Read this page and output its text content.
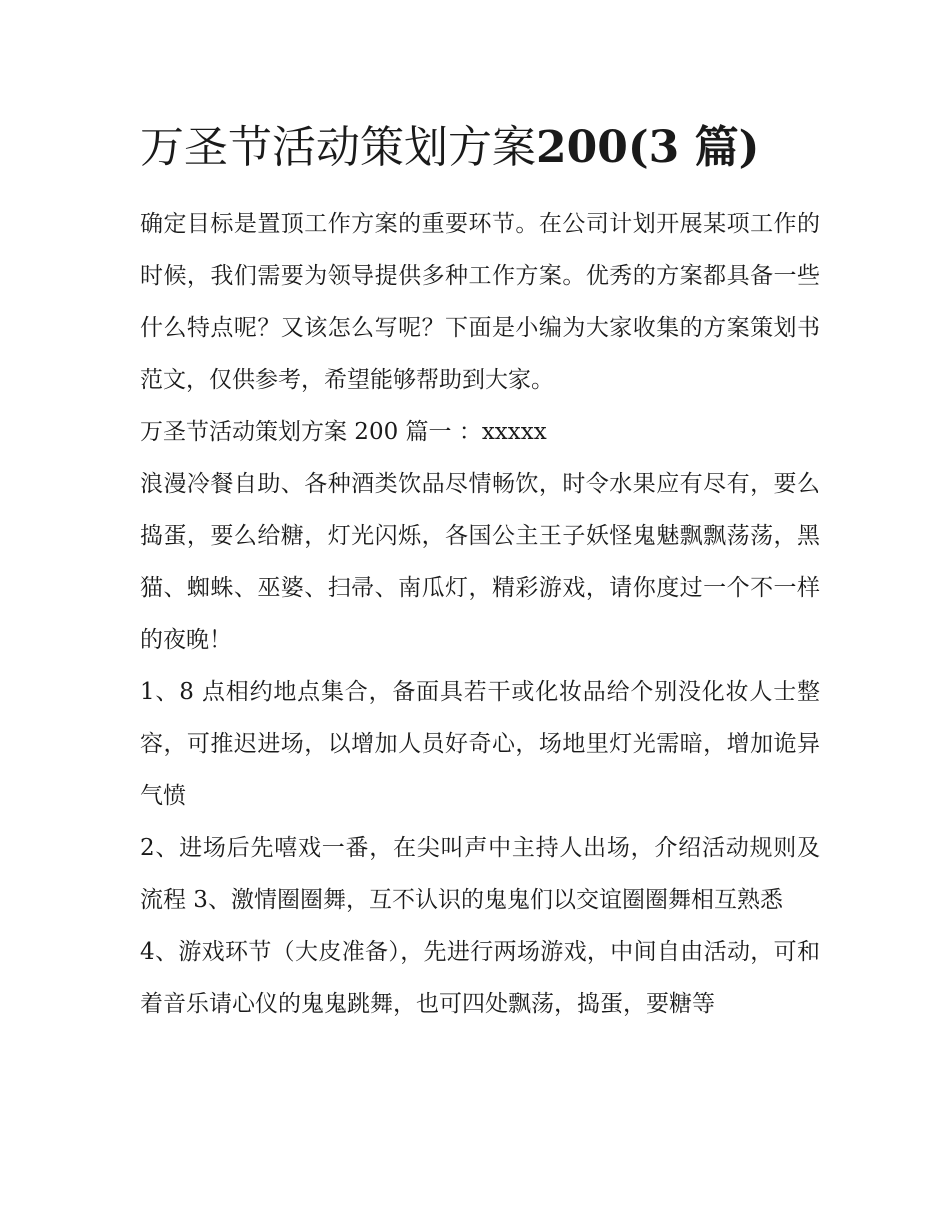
万圣节活动策划方案200(3 篇)

确定目标是置顶工作方案的重要环节。在公司计划开展某项工作的时候，我们需要为领导提供多种工作方案。优秀的方案都具备一些什么特点呢？又该怎么写呢？下面是小编为大家收集的方案策划书范文，仅供参考，希望能够帮助到大家。

万圣节活动策划方案 200 篇一 ：xxxxx

浪漫冷餐自助、各种酒类饮品尽情畅饮，时令水果应有尽有，要么捣蛋，要么给糖，灯光闪烁，各国公主王子妖怪鬼魅飘飘荡荡，黑猫、蜘蛛、巫婆、扫帚、南瓜灯，精彩游戏，请你度过一个不一样的夜晚！

1、8 点相约地点集合，备面具若干或化妆品给个别没化妆人士整容，可推迟进场，以增加人员好奇心，场地里灯光需暗，增加诡异气愤

2、进场后先嘻戏一番，在尖叫声中主持人出场，介绍活动规则及流程 3、激情圈圈舞，互不认识的鬼鬼们以交谊圈圈舞相互熟悉

4、游戏环节（大皮准备），先进行两场游戏，中间自由活动，可和着音乐请心仪的鬼鬼跳舞，也可四处飘荡，捣蛋，要糖等
